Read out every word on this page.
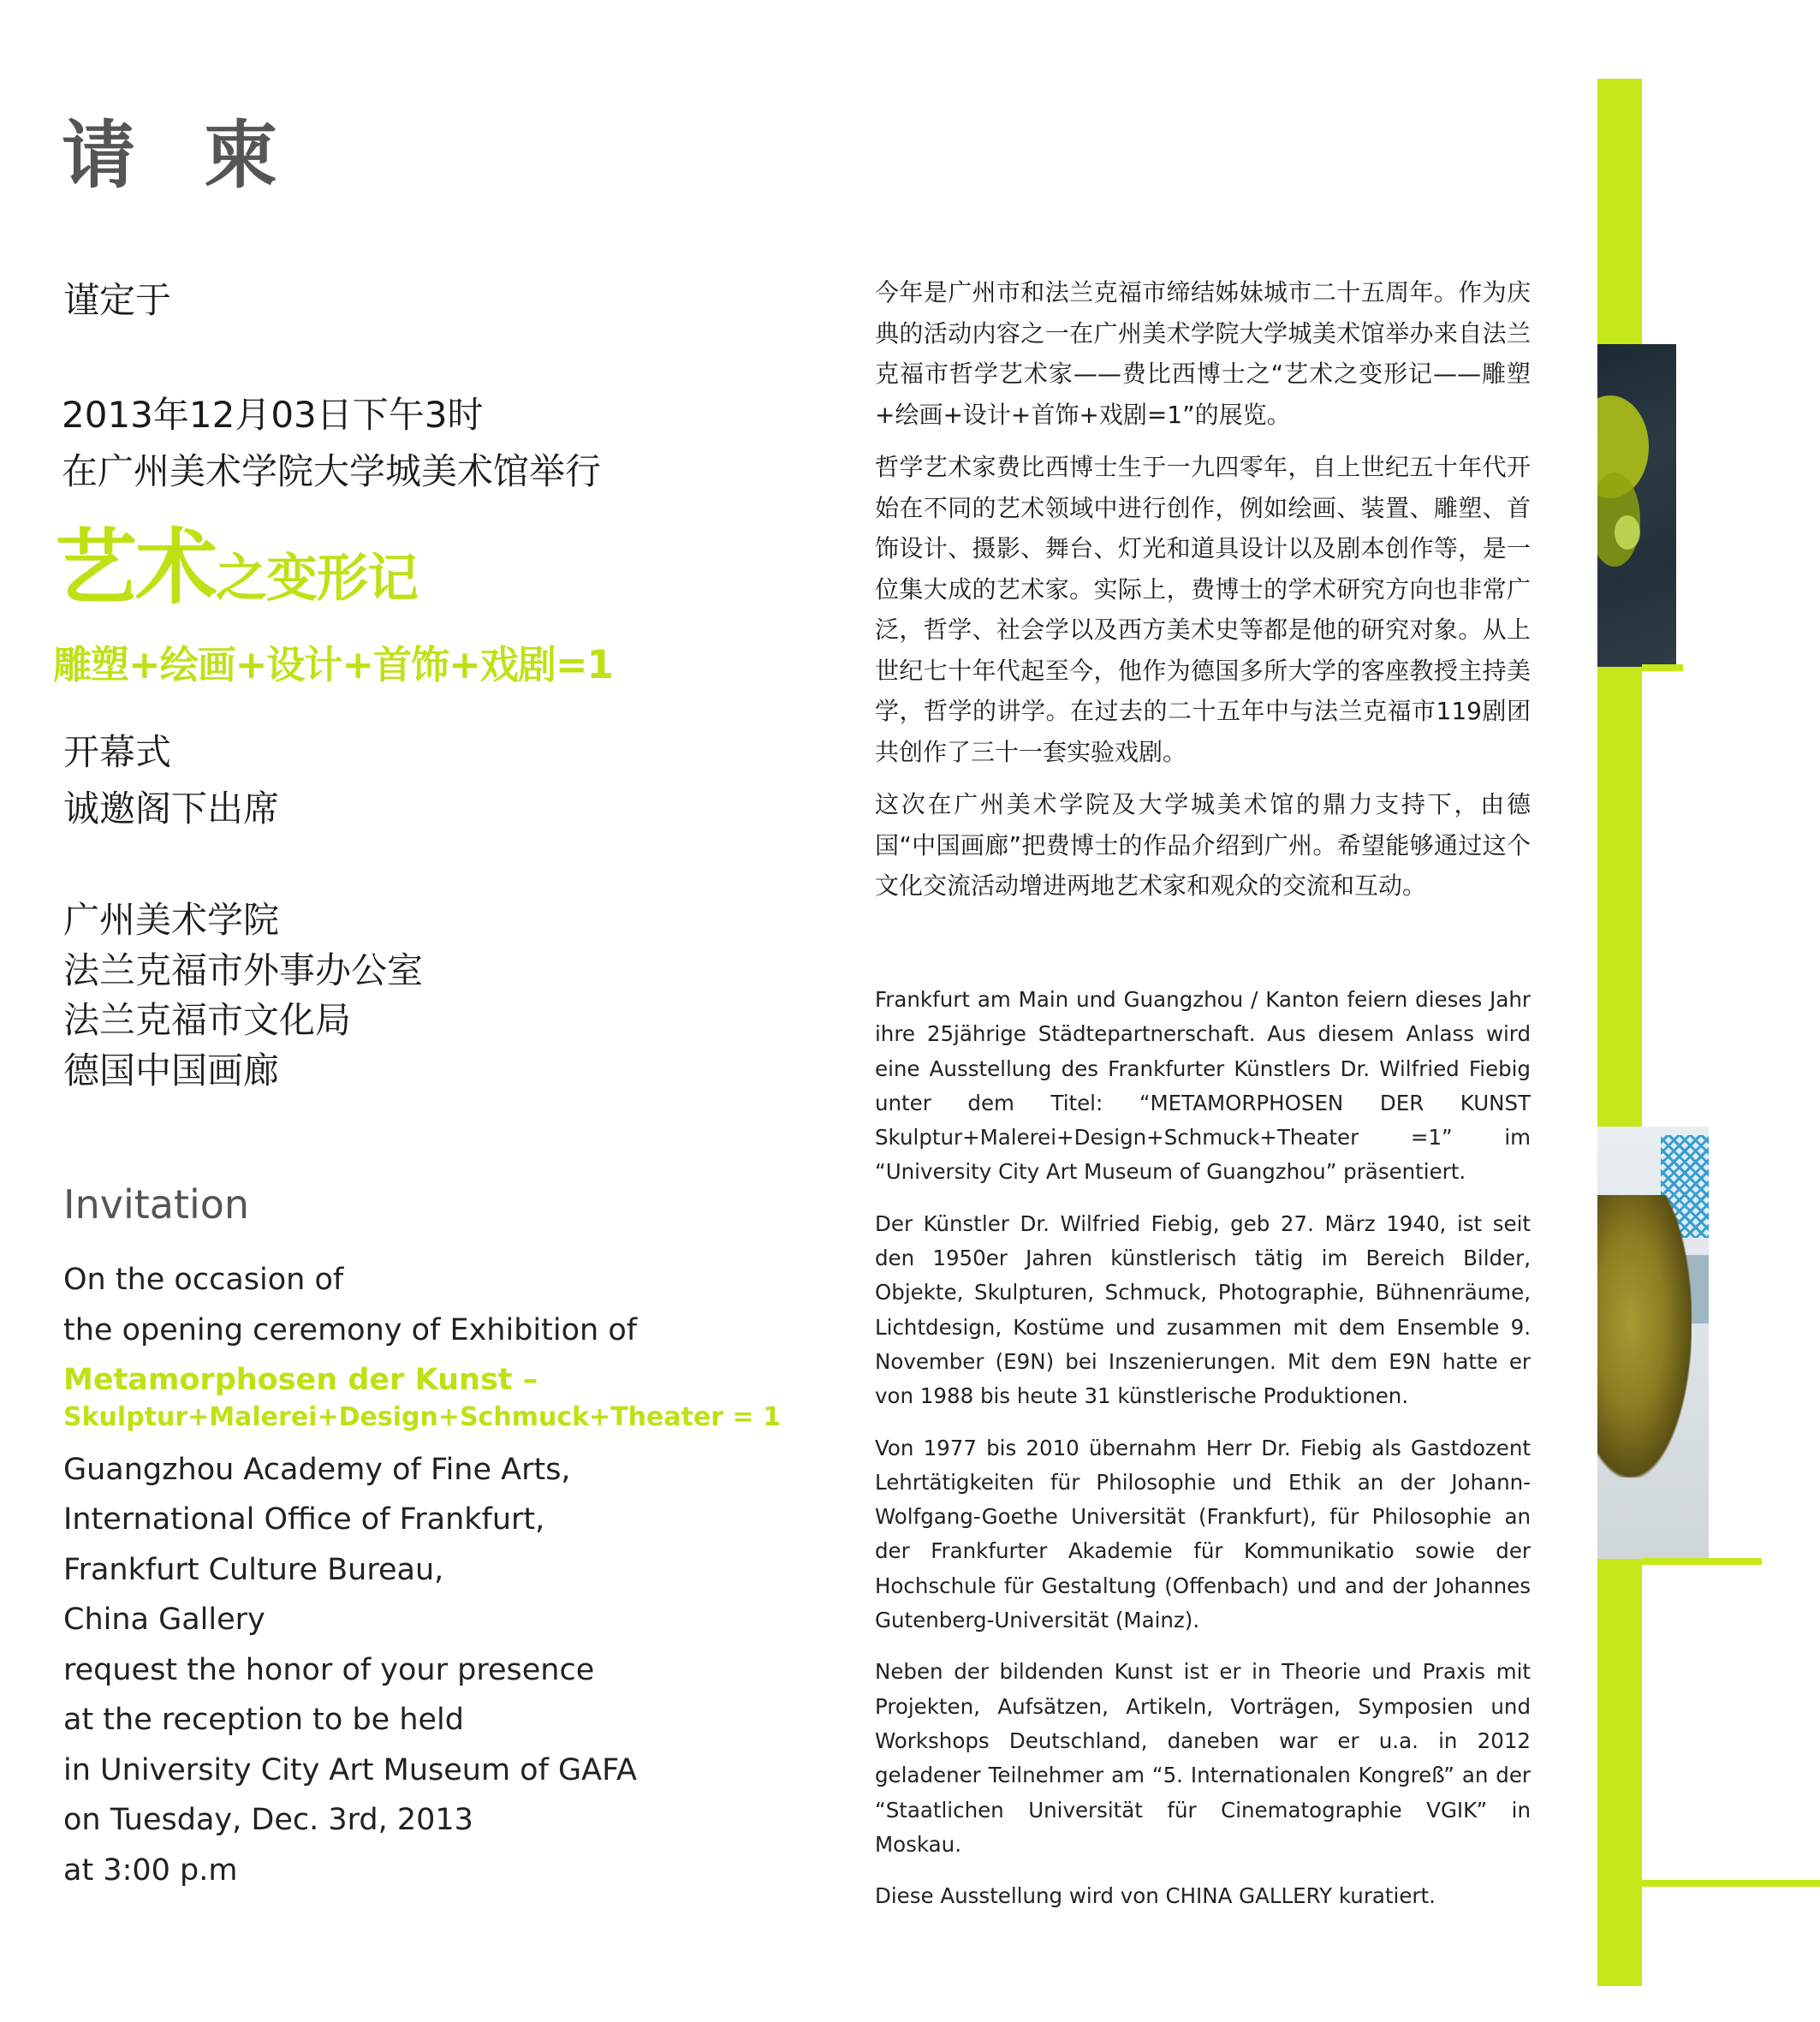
请 柬
谨定于
2013年12月03日下午3时
在广州美术学院大学城美术馆举行
艺术之变形记
雕塑+绘画+设计+首饰+戏剧=1
开幕式
诚邀阁下出席
广州美术学院
法兰克福市外事办公室
法兰克福市文化局
德国中国画廊
Invitation
On the occasion of
the opening ceremony of Exhibition of
Metamorphosen der Kunst –
Skulptur+Malerei+Design+Schmuck+Theater = 1
Guangzhou Academy of Fine Arts,
International Office of Frankfurt,
Frankfurt Culture Bureau,
China Gallery
request the honor of your presence
at the reception to be held
in University City Art Museum of GAFA
on Tuesday, Dec. 3rd, 2013
at 3:00 p.m

今年是广州市和法兰克福市缔结姊妹城市二十五周年。作为庆典的活动内容之一在广州美术学院大学城美术馆举办来自法兰克福市哲学艺术家——费比西博士之“艺术之变形记——雕塑+绘画+设计+首饰+戏剧=1”的展览。

哲学艺术家费比西博士生于一九四零年，自上世纪五十年代开始在不同的艺术领域中进行创作，例如绘画、装置、雕塑、首饰设计、摄影、舞台、灯光和道具设计以及剧本创作等，是一位集大成的艺术家。实际上，费博士的学术研究方向也非常广泛，哲学、社会学以及西方美术史等都是他的研究对象。从上世纪七十年代起至今，他作为德国多所大学的客座教授主持美学，哲学的讲学。在过去的二十五年中与法兰克福市119剧团共创作了三十一套实验戏剧。

这次在广州美术学院及大学城美术馆的鼎力支持下，由德国“中国画廊”把费博士的作品介绍到广州。希望能够通过这个文化交流活动增进两地艺术家和观众的交流和互动。

Frankfurt am Main und Guangzhou / Kanton feiern dieses Jahr ihre 25jährige Städtepartnerschaft. Aus diesem Anlass wird eine Ausstellung des Frankfurter Künstlers Dr. Wilfried Fiebig unter dem Titel: “METAMORPHOSEN DER KUNST Skulptur+Malerei+Design+Schmuck+Theater =1” im “University City Art Museum of Guangzhou” präsentiert.

Der Künstler Dr. Wilfried Fiebig, geb 27. März 1940, ist seit den 1950er Jahren künstlerisch tätig im Bereich Bilder, Objekte, Skulpturen, Schmuck, Photographie, Bühnenräume, Lichtdesign, Kostüme und zusammen mit dem Ensemble 9. November (E9N) bei Inszenierungen. Mit dem E9N hatte er von 1988 bis heute 31 künstlerische Produktionen.

Von 1977 bis 2010 übernahm Herr Dr. Fiebig als Gastdozent Lehrtätigkeiten für Philosophie und Ethik an der Johann-Wolfgang-Goethe Universität (Frankfurt), für Philosophie an der Frankfurter Akademie für Kommunikatio sowie der Hochschule für Gestaltung (Offenbach) und and der Johannes Gutenberg-Universität (Mainz).

Neben der bildenden Kunst ist er in Theorie und Praxis mit Projekten, Aufsätzen, Artikeln, Vorträgen, Symposien und Workshops Deutschland, daneben war er u.a. in 2012 geladener Teilnehmer am “5. Internationalen Kongreß” an der “Staatlichen Universität für Cinematographie VGIK” in Moskau.

Diese Ausstellung wird von CHINA GALLERY kuratiert.
